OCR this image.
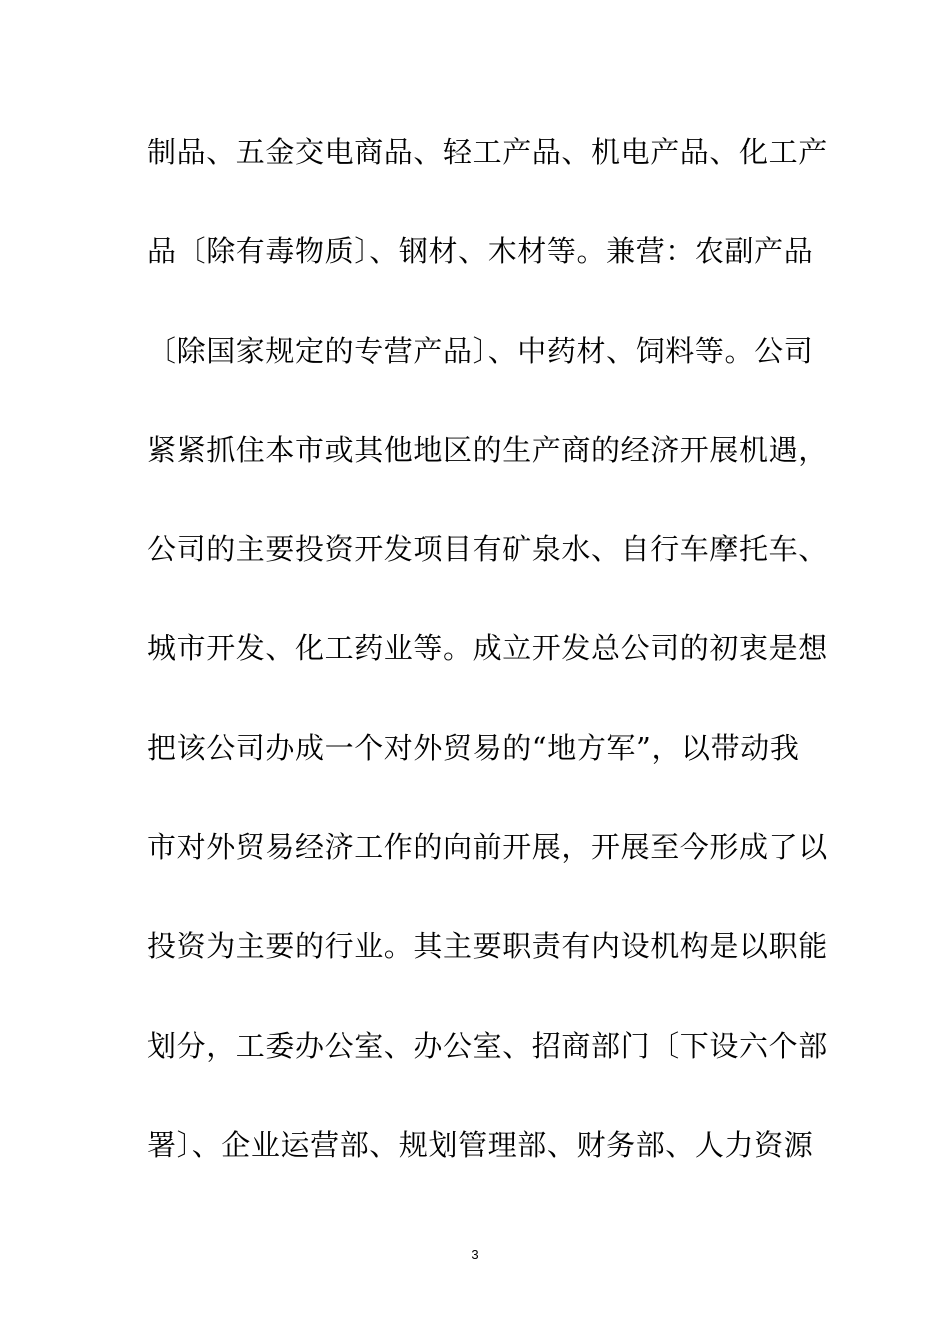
制品、五金交电商品、轻工产品、机电产品、化工产
品〔除有毒物质〕、钢材、木材等。兼营：农副产品
〔除国家规定的专营产品〕、中药材、饲料等。公司
紧紧抓住本市或其他地区的生产商的经济开展机遇，
公司的主要投资开发项目有矿泉水、自行车摩托车、
城市开发、化工药业等。成立开发总公司的初衷是想
把该公司办成一个对外贸易的“地方军”，以带动我
市对外贸易经济工作的向前开展，开展至今形成了以
投资为主要的行业。其主要职责有内设机构是以职能
划分，工委办公室、办公室、招商部门〔下设六个部
署〕、企业运营部、规划管理部、财务部、人力资源
3
